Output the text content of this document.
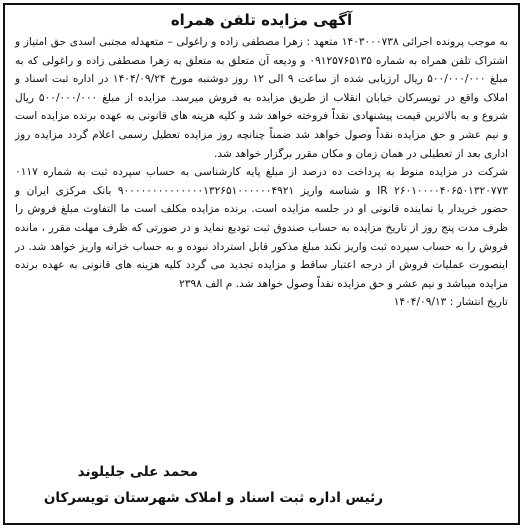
آگهی مزایده تلفن همراه

به موجب پرونده اجرائی ۱۴۰۳۰۰۰۷۳۸ متعهد : زهرا مصطفی زاده و راغولی – متعهدله مجتبی اسدی حق امتیاز و اشتراک تلفن همراه به شماره ۰۹۱۲۵۷۶۵۱۳۵ و ودیعه آن متعلق به متعلق به زهرا مصطفی زاده و راغولی که به مبلغ ۵۰۰/۰۰۰/۰۰۰ ریال ارزیابی شده از ساعت ۹ الی ۱۲ روز دوشنبه مورخ ۱۴۰۴/۰۹/۲۴ در اداره ثبت اسناد و املاک واقع در تویسرکان خیابان انقلاب از طریق مزایده به فروش میرسد. مزایده از مبلغ ۵۰۰/۰۰۰/۰۰۰ ریال شروع و به بالاترین قیمت پیشنهادی نقداً فروخته خواهد شد و کلیه هزینه های قانونی به عهده برنده مزایده است و نیم عشر و حق مزایده نقداً وصول خواهد شد ضمناً چنانچه روز مزایده تعطیل رسمی اعلام گردد مزایده روز اداری بعد از تعطیلی در همان زمان و مکان مقرر برگزار خواهد شد.

شرکت در مزایده منوط به پرداخت ده درصد از مبلغ پایه کارشناسی به حساب سپرده ثبت به شماره ۰۱۱۷ ۲۶۰۱۰۰۰۰۴۰۶۵۰۱۳۲۰۷۷۳ IR و شناسه واریز ۹۰۰۰۰۰۰۰۰۰۰۰۰۰۰۱۳۲۶۵۱۰۰۰۰۰۰۴۹۲۱ بانک مرکزی ایران و حضور خریدار یا نماینده قانونی او در جلسه مزایده است. برنده مزایده مکلف است ما التفاوت مبلغ فروش را ظرف مدت پنج روز از تاریخ مزایده به حساب صندوق ثبت تودیع نماید و در صورتی که ظرف مهلت مقرر ، مانده فروش را به حساب سپرده ثبت واریز نکند مبلغ مذکور قابل استرداد نبوده و به حساب خزانه واریز خواهد شد. در اینصورت عملیات فروش از درجه اعتبار ساقط و مزایده تجدید می گردد کلیه هزینه های قانونی به عهده برنده مزایده میباشد و نیم عشر و حق مزایده نقداً وصول خواهد شد. م الف ۲۳۹۸

تاریخ انتشار : ۱۴۰۴/۰۹/۱۳
محمد علی جلیلوند
رئیس اداره ثبت اسناد و املاک شهرستان تویسرکان
